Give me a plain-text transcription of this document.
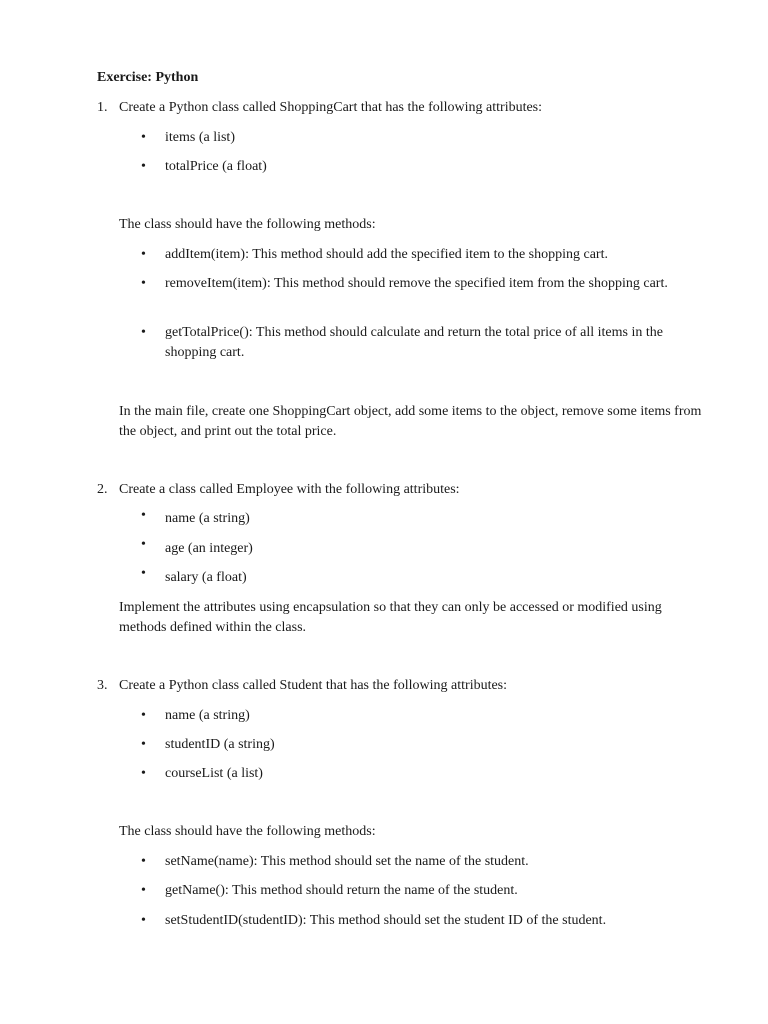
Exercise: Python
1. Create a Python class called ShoppingCart that has the following attributes:
•	items (a list)
•	totalPrice (a float)
The class should have the following methods:
•	addItem(item): This method should add the specified item to the shopping cart.
•	removeItem(item): This method should remove the specified item from the shopping cart.
•	getTotalPrice(): This method should calculate and return the total price of all items in the shopping cart.
In the main file, create one ShoppingCart object, add some items to the object, remove some items from the object, and print out the total price.
2. Create a class called Employee with the following attributes:
•	name (a string)
•	age (an integer)
•	salary (a float)
Implement the attributes using encapsulation so that they can only be accessed or modified using methods defined within the class.
3. Create a Python class called Student that has the following attributes:
•	name (a string)
•	studentID (a string)
•	courseList (a list)
The class should have the following methods:
•	setName(name): This method should set the name of the student.
•	getName(): This method should return the name of the student.
•	setStudentID(studentID): This method should set the student ID of the student.
